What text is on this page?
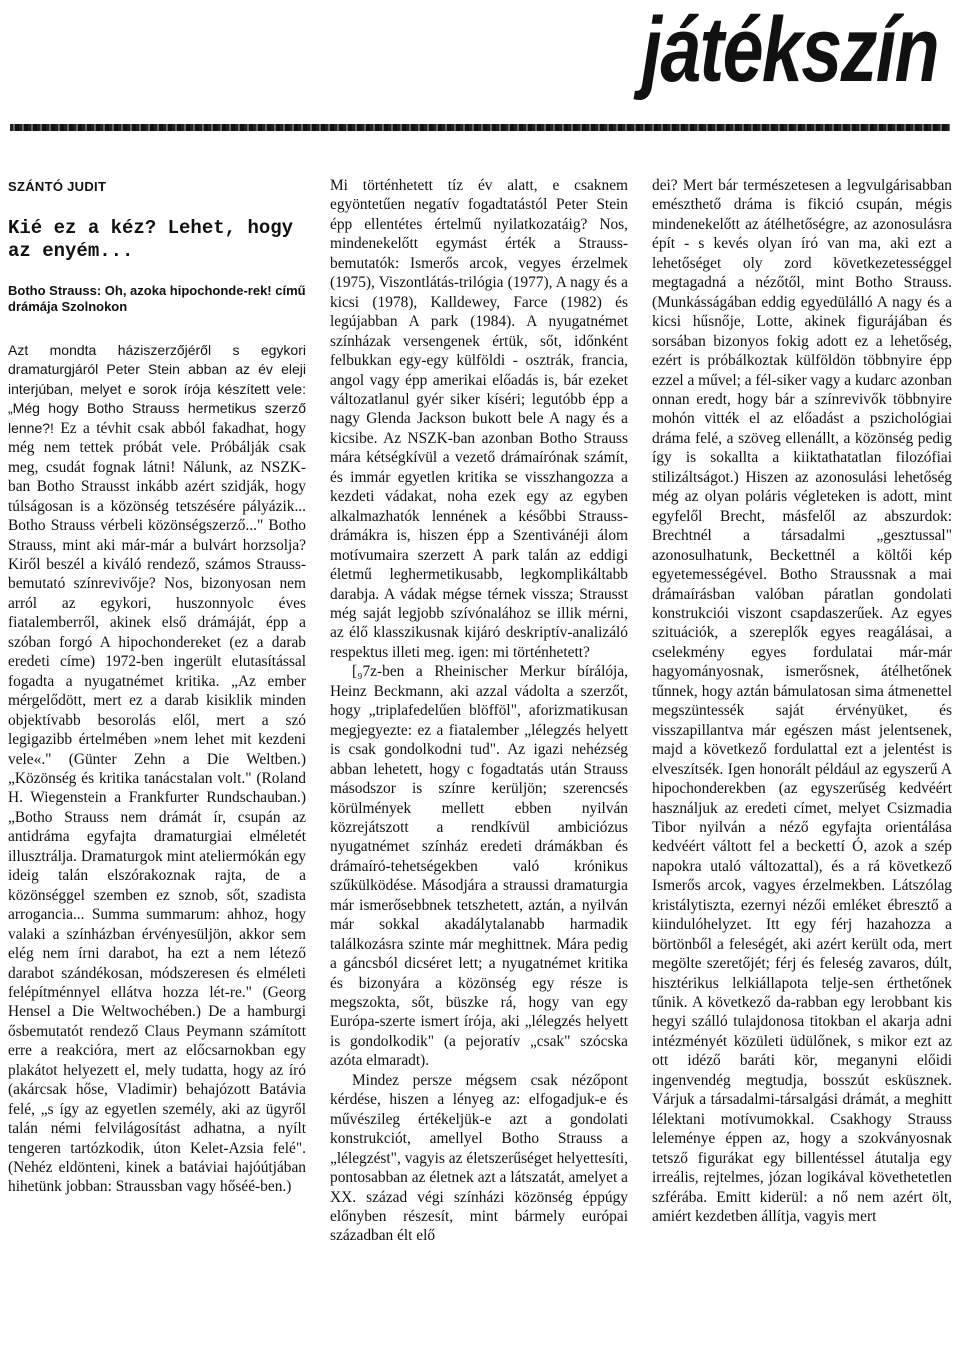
játékszín

SZÁNTÓ JUDIT

Kié ez a kéz? Lehet, hogy az enyém...

Botho Strauss: Oh, azoka hipochonde-rek! című drámája Szolnokon

Azt mondta háziszerzőjéről s egykori dramaturgjáról Peter Stein abban az év eleji interjúban, melyet e sorok írója készített vele: „Még hogy Botho Strauss hermetikus szerző lenne?! Ez a tévhit csak abból fakadhat, hogy még nem tettek próbát vele. Próbálják csak meg, csudát fognak látni! Nálunk, az NSZK-ban Botho Strausst inkább azért szidják, hogy túlságosan is a közönség tetszésére pályázik... Botho Strauss vérbeli közönségszerző..." Botho Strauss, mint aki már-már a bulvárt horzsolja? Kiről beszél a kiváló rendező, számos Strauss-bemutató színrevivője? Nos, bizonyosan nem arról az egykori, huszonnyolc éves fiatalemberről, akinek első drámáját, épp a szóban forgó A hipochondereket (ez a darab eredeti címe) 1972-ben ingerült elutasítással fogadta a nyugatnémet kritika. „Az ember mérgelődött, mert ez a darab kisiklik minden objektívabb besorolás elől, mert a szó legigazibb értelmében »nem lehet mit kezdeni vele«." (Günter Zehn a Die Weltben.) „Közönség és kritika tanácstalan volt." (Roland H. Wiegenstein a Frankfurter Rundschauban.) „Botho Strauss nem drámát ír, csupán az antidráma egyfajta dramaturgiai elméletét illusztrálja. Dramaturgok mint ateliermókán egy ideig talán elszórakoznak rajta, de a közönséggel szemben ez sznob, sőt, szadista arrogancia... Summa summarum: ahhoz, hogy valaki a színházban érvényesüljön, akkor sem elég nem írni darabot, ha ezt a nem létező darabot szándékosan, módszeresen és elméleti felépítménnyel ellátva hozza lét-re." (Georg Hensel a Die Weltwochében.) De a hamburgi ősbemutatót rendező Claus Peymann számított erre a reakcióra, mert az előcsarnokban egy plakátot helyezett el, mely tudatta, hogy az író (akárcsak hőse, Vladimir) behajózott Batávia felé, „s így az egyetlen személy, aki az ügyről talán némi felvilágosítást adhatna, a nyílt tengeren tartózkodik, úton Kelet-Azsia felé". (Nehéz eldönteni, kinek a batáviai hajóútjában hihetünk jobban: Straussban vagy hőséé-ben.)

Mi történhetett tíz év alatt, e csaknem egyöntetűen negatív fogadtatástól Peter Stein épp ellentétes értelmű nyilatkozatáig? Nos, mindenekelőtt egymást érték a Strauss-bemutatók: Ismerős arcok, vegyes érzelmek (1975), Viszontlátás-trilógia (1977), A nagy és a kicsi (1978), Kalldewey, Farce (1982) és legújabban A park (1984). A nyugatnémet színházak versengenek értük, sőt, időnként felbukkan egy-egy külföldi - osztrák, francia, angol vagy épp amerikai előadás is, bár ezeket változatlanul gyér siker kíséri; legutóbb épp a nagy Glenda Jackson bukott bele A nagy és a kicsibe. Az NSZK-ban azonban Botho Strauss mára kétségkívül a vezető drámaírónak számít, és immár egyetlen kritika se visszhangozza a kezdeti vádakat, noha ezek egy az egyben alkalmazhatók lennének a későbbi Strauss-drámákra is, hiszen épp a Szentivánéji álom motívumaira szerzett A park talán az eddigi életmű leghermetikusabb, legkomplikáltabb darabja. A vádak mégse térnek vissza; Strausst még saját legjobb szívónalához se illik mérni, az élő klasszikusnak kijáró deskriptív-analizáló respektus illeti meg. igen: mi történhetett?

[₉7z-ben a Rheinischer Merkur bírálója, Heinz Beckmann, aki azzal vádolta a szerzőt, hogy „triplafedelűen blöfföl", aforizmatikusan megjegyezte: ez a fiatalember „lélegzés helyett is csak gondolkodni tud". Az igazi nehézség abban lehetett, hogy c fogadtatás után Strauss másodszor is színre kerüljön; szerencsés körülmények mellett ebben nyilván közrejátszott a rendkívül ambiciózus nyugatnémet színház eredeti drámákban és drámaíró-tehetségekben való krónikus szűkülködése. Másodjára a straussi dramaturgia már ismerősebbnek tetszhetett, aztán, a nyilván már sokkal akadálytalanabb harmadik találkozásra szinte már meghittnek. Mára pedig a gáncsból dicséret lett; a nyugatnémet kritika és bizonyára a közönség egy része is megszokta, sőt, büszke rá, hogy van egy Európa-szerte ismert írója, aki „lélegzés helyett is gondolkodik" (a pejoratív „csak" szócska azóta elmaradt).

Mindez persze mégsem csak nézőpont kérdése, hiszen a lényeg az: elfogadjuk-e és művészileg értékeljük-e azt a gondolati konstrukciót, amellyel Botho Strauss a „lélegzést", vagyis az életszerűséget helyettesíti, pontosabban az életnek azt a látszatát, amelyet a XX. század végi színházi közönség éppúgy előnyben részesít, mint bármely európai században élt elő

dei? Mert bár természetesen a legvulgárisabban emészthető dráma is fikció csupán, mégis mindenekelőtt az átélhetőségre, az azonosulásra épít - s kevés olyan író van ma, aki ezt a lehetőséget oly zord következetességgel megtagadná a nézőtől, mint Botho Strauss. (Munkásságában eddig egyedülálló A nagy és a kicsi hűsnője, Lotte, akinek figurájában és sorsában bizonyos fokig adott ez a lehetőség, ezért is próbálkoztak külföldön többnyire épp ezzel a művel; a fél-siker vagy a kudarc azonban onnan eredt, hogy bár a színrevivők többnyire mohón vitték el az előadást a pszichológiai dráma felé, a szöveg ellenállt, a közönség pedig így is sokallta a kiiktathatatlan filozófiai stilizáltságot.) Hiszen az azonosulási lehetőség még az olyan poláris végleteken is adott, mint egyfelől Brecht, másfelől az abszurdok: Brechtnél a társadalmi „gesztussal" azonosulhatunk, Beckettnél a költői kép egyetemességével. Botho Straussnak a mai drámaírásban valóban páratlan gondolati konstrukciói viszont csapdaszerűek. Az egyes szituációk, a szereplők egyes reagálásai, a cselekmény egyes fordulatai már-már hagyományosnak, ismerősnek, átélhetőnek tűnnek, hogy aztán bámulatosan sima átmenettel megszüntessék saját érvényüket, és visszapillantva már egészen mást jelentsenek, majd a következő fordulattal ezt a jelentést is elveszítsék. Igen honorált például az egyszerű A hipochonderekben (az egyszerűség kedvéért használjuk az eredeti címet, melyet Csizmadia Tibor nyilván a néző egyfajta orientálása kedvéért váltott fel a beckettí Ó, azok a szép napokra utaló változattal), és a rá következő Ismerős arcok, vagyes érzelmekben. Látszólag kristálytiszta, ezernyi nézői emléket ébresztő a kiindulóhelyzet. Itt egy férj hazahozza a börtönből a feleségét, aki azért került oda, mert megölte szeretőjét; férj és feleség zavaros, dúlt, hisztérikus lelkiállapota telje-sen érthetőnek tűnik. A következő da-rabban egy lerobbant kis hegyi szálló tulajdonosa titokban el akarja adni intézményét közületi üdülőnek, s mikor ezt az ott idéző baráti kör, meganyni előidi ingenvendég megtudja, bosszút esküsznek. Várjuk a társadalmi-társalgási drámát, a meghitt lélektani motívumokkal. Csakhogy Strauss leleménye éppen az, hogy a szokványosnak tetsző figurákat egy billentéssel átutalja egy irreális, rejtelmes, józan logikával követhetetlen szférába. Emitt kiderül: a nő nem azért ölt, amiért kezdetben állítja, vagyis mert
